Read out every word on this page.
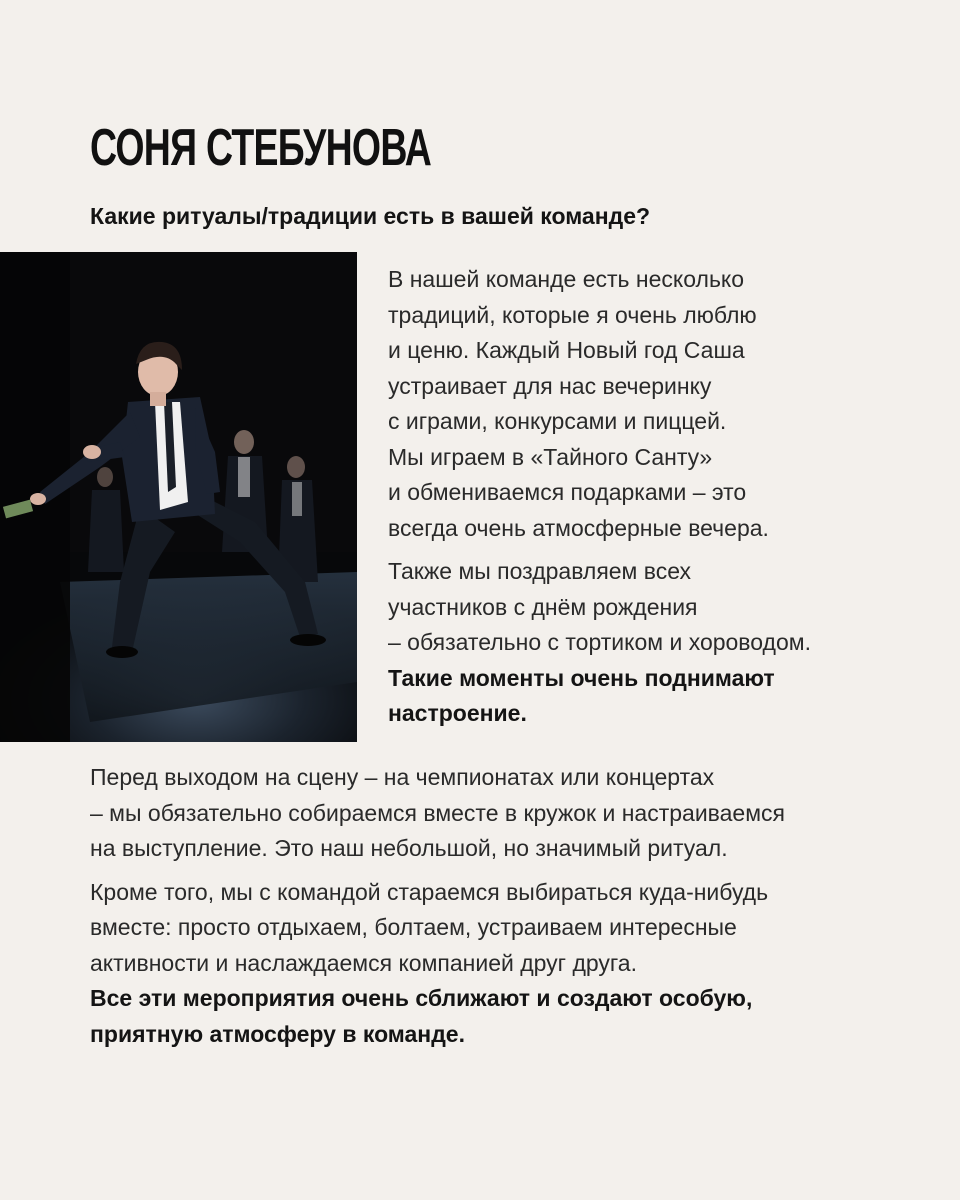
СОНЯ СТЕБУНОВА
Какие ритуалы/традиции есть в вашей команде?

В нашей команде есть несколько
традиций, которые я очень люблю
и ценю. Каждый Новый год Саша
устраивает для нас вечеринку
с играми, конкурсами и пиццей.
Мы играем в «Тайного Санту»
и обмениваемся подарками – это
всегда очень атмосферные вечера.

Также мы поздравляем всех
участников с днём рождения
– обязательно с тортиком и хороводом.
Такие моменты очень поднимают
настроение.

Перед выходом на сцену – на чемпионатах или концертах
– мы обязательно собираемся вместе в кружок и настраиваемся
на выступление. Это наш небольшой, но значимый ритуал.

Кроме того, мы с командой стараемся выбираться куда-нибудь
вместе: просто отдыхаем, болтаем, устраиваем интересные
активности и наслаждаемся компанией друг друга.
Все эти мероприятия очень сближают и создают особую,
приятную атмосферу в команде.
